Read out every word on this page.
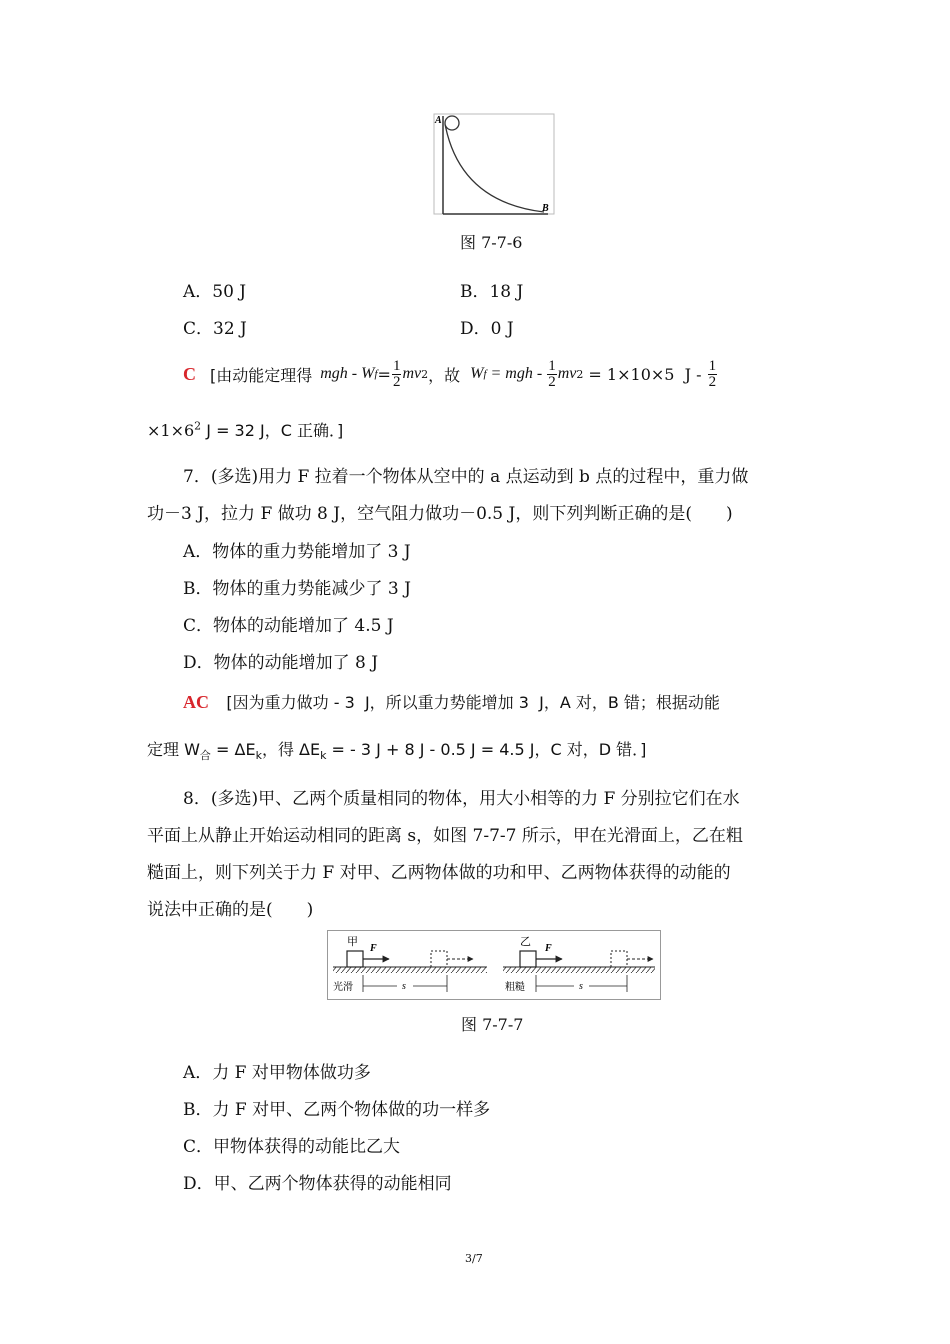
A
B
图 7-7-6
A．50 J	B．18 J
C．32 J	D．0 J
C [由动能定理得 mgh - W $f = \frac{1}{2}$ mv 2 ，故 W f = mgh - $\frac{1}{2}$ mv 2 = 1×10×5  J - $\frac{1}{2}$
$\times 1\times 6^2$ J = 32 J，C 正确．]
7．(多选)用力 F 拉着一个物体从空中的 a 点运动到 b 点的过程中，重力做
功－3 J，拉力 F 做功 8 J，空气阻力做功－0.5 J，则下列判断正确的是(　　)
A．物体的重力势能增加了 3 J
B．物体的重力势能减少了 3 J
C．物体的动能增加了 4.5 J
D．物体的动能增加了 8 J
AC [因为重力做功 - 3  J，所以重力势能增加 3  J，A 对，B 错；根据动能
定理 $W_合 = \Delta E_k$，得 $\Delta E_k$ = - 3 J + 8 J - 0.5 J = 4.5 J，C 对，D 错．]
8．(多选)甲、乙两个质量相同的物体，用大小相等的力 F 分别拉它们在水
平面上从静止开始运动相同的距离 s，如图 7-7-7 所示，甲在光滑面上，乙在粗
糙面上，则下列关于力 F 对甲、乙两物体做的功和甲、乙两物体获得的动能的
说法中正确的是(　　)
甲
F
光滑	s
乙
F
粗糙	s
图 7-7-7
A．力 F 对甲物体做功多
B．力 F 对甲、乙两个物体做的功一样多
C．甲物体获得的动能比乙大
D．甲、乙两个物体获得的动能相同
3/7
